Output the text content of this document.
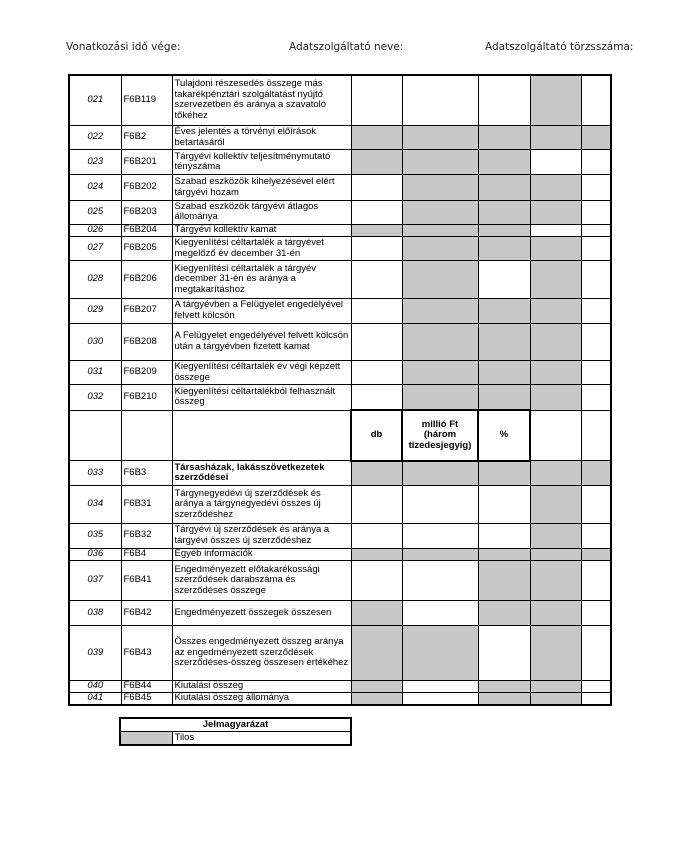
Vonatkozási idő vége:	Adatszolgáltató neve:	Adatszolgáltató törzsszáma:
021	F6B119	Tulajdoni részesedés összege más takarékpénztári szolgáltatást nyújtó szervezetben és aránya a szavatoló tőkéhez					
022	F6B2	Éves jelentés a törvényi előírások betartásáról					
023	F6B201	Tárgyévi kollektív teljesítménymutató tényszáma					
024	F6B202	Szabad eszközök kihelyezésével elért tárgyévi hozam					
025	F6B203	Szabad eszközök tárgyévi átlagos állománya					
026	F6B204	Tárgyévi kollektív kamat					
027	F6B205	Kiegyenlítési céltartalék a tárgyévet megelőző év december 31-én					
028	F6B206	Kiegyenlítési céltartalék a tárgyév december 31-én és aránya a megtakarításhoz					
029	F6B207	A tárgyévben a Felügyelet engedélyével felvett kölcsön					
030	F6B208	A Felügyelet engedélyével felvett kölcsön után a tárgyévben fizetett kamat					
031	F6B209	Kiegyenlítési céltartalék év végi képzett összege					
032	F6B210	Kiegyenlítési céltartalékból felhasznált összeg					
			db	millió Ft (három tizedesjegyig)	%		
033	F6B3	Társasházak, lakásszövetkezetek szerződései					
034	F6B31	Tárgynegyedévi új szerződések és aránya a tárgynegyedévi összes új szerződéshez					
035	F6B32	Tárgyévi új szerződések és aránya a tárgyévi összes új szerződéshez					
036	F6B4	Egyéb információk					
037	F6B41	Engedményezett előtakarékossági szerződések darabszáma és szerződéses összege					
038	F6B42	Engedményezett összegek összesen					
039	F6B43	Összes engedményezett összeg aránya az engedményezett szerződések szerződéses-összeg összesen értékéhez					
040	F6B44	Kiutalási összeg					
041	F6B45	Kiutalási összeg állománya					
Jelmagyarázat
	Tilos
